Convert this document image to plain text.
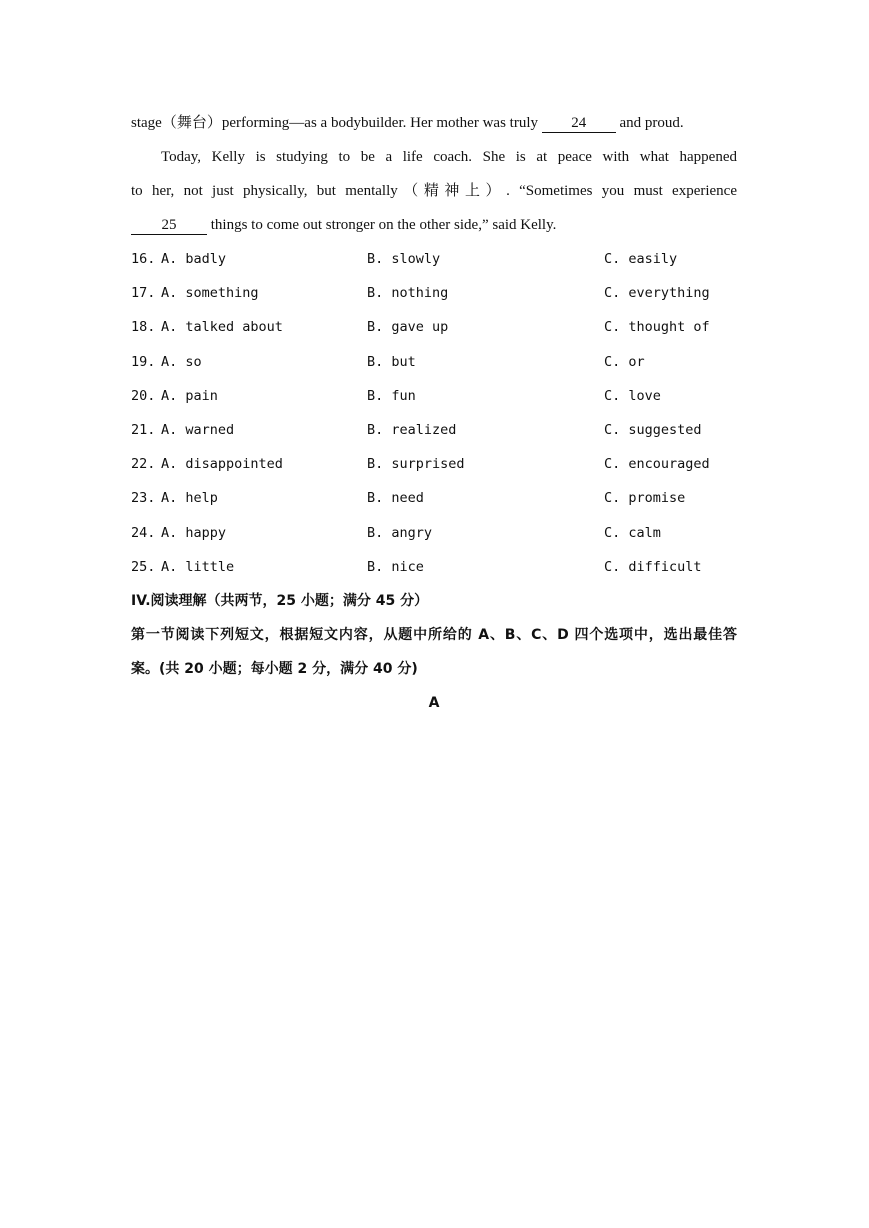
stage（舞台）performing—as a bodybuilder. Her mother was truly 24 and proud.
Today, Kelly is studying to be a life coach. She is at peace with what happened
to her, not just physically, but mentally（精神上）. “Sometimes you must experience
25 things to come out stronger on the other side,” said Kelly.
16. A. badly	B. slowly	C. easily
17. A. something	B. nothing	C. everything
18. A. talked about	B. gave up	C. thought of
19. A. so	B. but	C. or
20. A. pain	B. fun	C. love
21. A. warned	B. realized	C. suggested
22. A. disappointed	B. surprised	C. encouraged
23. A. help	B. need	C. promise
24. A. happy	B. angry	C. calm
25. A. little	B. nice	C. difficult
IV.阅读理解（共两节，25 小题；满分 45 分）
第一节阅读下列短文，根据短文内容，从题中所给的 A、B、C、D 四个选项中，选出最佳答
案。(共 20 小题；每小题 2 分，满分 40 分)
A
